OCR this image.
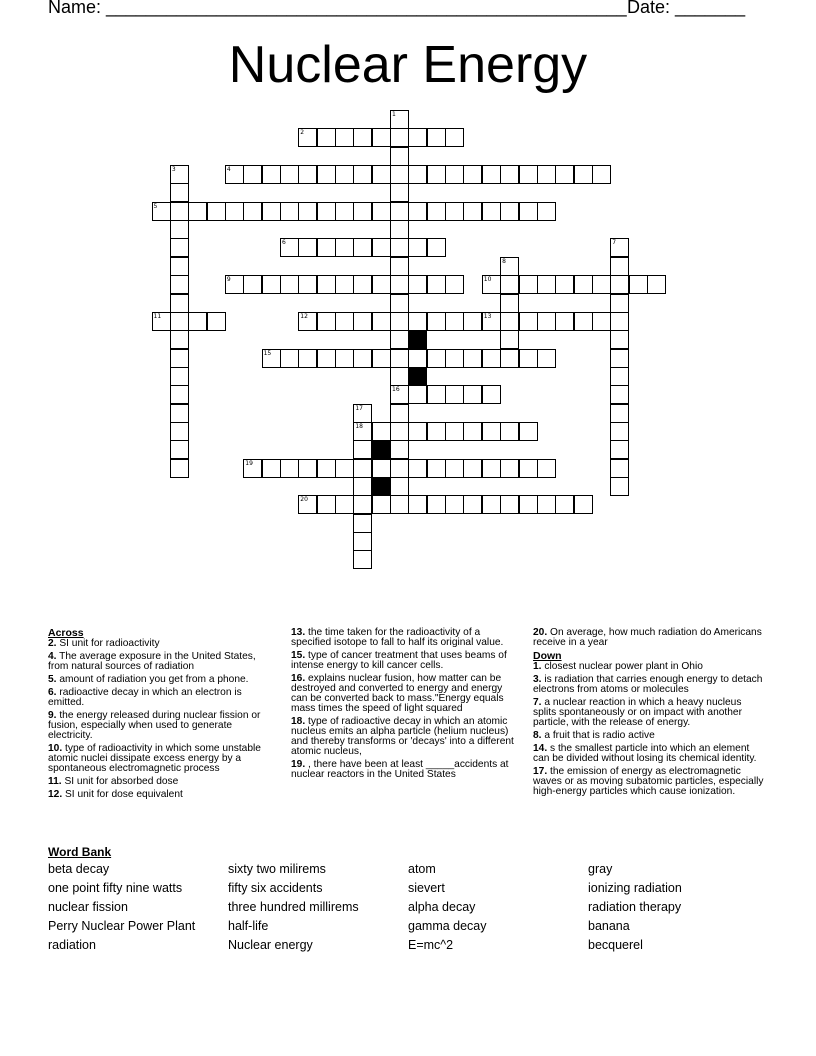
Name: ____________________________________________________ Date: _______
Nuclear Energy
1
16
2
3	4
5
6	7
8
9	10
11	12	13
14
15
17
18
19
20
Across
2. SI unit for radioactivity
4. The average exposure in the United States, from natural sources of radiation
5. amount of radiation you get from a phone.
6. radioactive decay in which an electron is emitted.
9. the energy released during nuclear fission or fusion, especially when used to generate electricity.
10. type of radioactivity in which some unstable atomic nuclei dissipate excess energy by a spontaneous electromagnetic process
11. SI unit for absorbed dose
12. SI unit for dose equivalent
13. the time taken for the radioactivity of a specified isotope to fall to half its original value.
15. type of cancer treatment that uses beams of intense energy to kill cancer cells.
16. explains nuclear fusion, how matter can be destroyed and converted to energy and energy can be converted back to mass."Energy equals mass times the speed of light squared
18. type of radioactive decay in which an atomic nucleus emits an alpha particle (helium nucleus) and thereby transforms or 'decays' into a different atomic nucleus,
19. , there have been at least _____accidents at nuclear reactors in the United States
20. On average, how much radiation do Americans receive in a year
Down
1. closest nuclear power plant in Ohio
3. is radiation that carries enough energy to detach electrons from atoms or molecules
7. a nuclear reaction in which a heavy nucleus splits spontaneously or on impact with another particle, with the release of energy.
8. a fruit that is radio active
14. s the smallest particle into which an element can be divided without losing its chemical identity.
17. the emission of energy as electromagnetic waves or as moving subatomic particles, especially high-energy particles which cause ionization.
Word Bank
beta decay	sixty two milirems	atom	gray
one point fifty nine watts	fifty six accidents	sievert	ionizing radiation
nuclear fission	three hundred millirems	alpha decay	radiation therapy
Perry Nuclear Power Plant	half-life	gamma decay	banana
radiation	Nuclear energy	E=mc^2	becquerel
